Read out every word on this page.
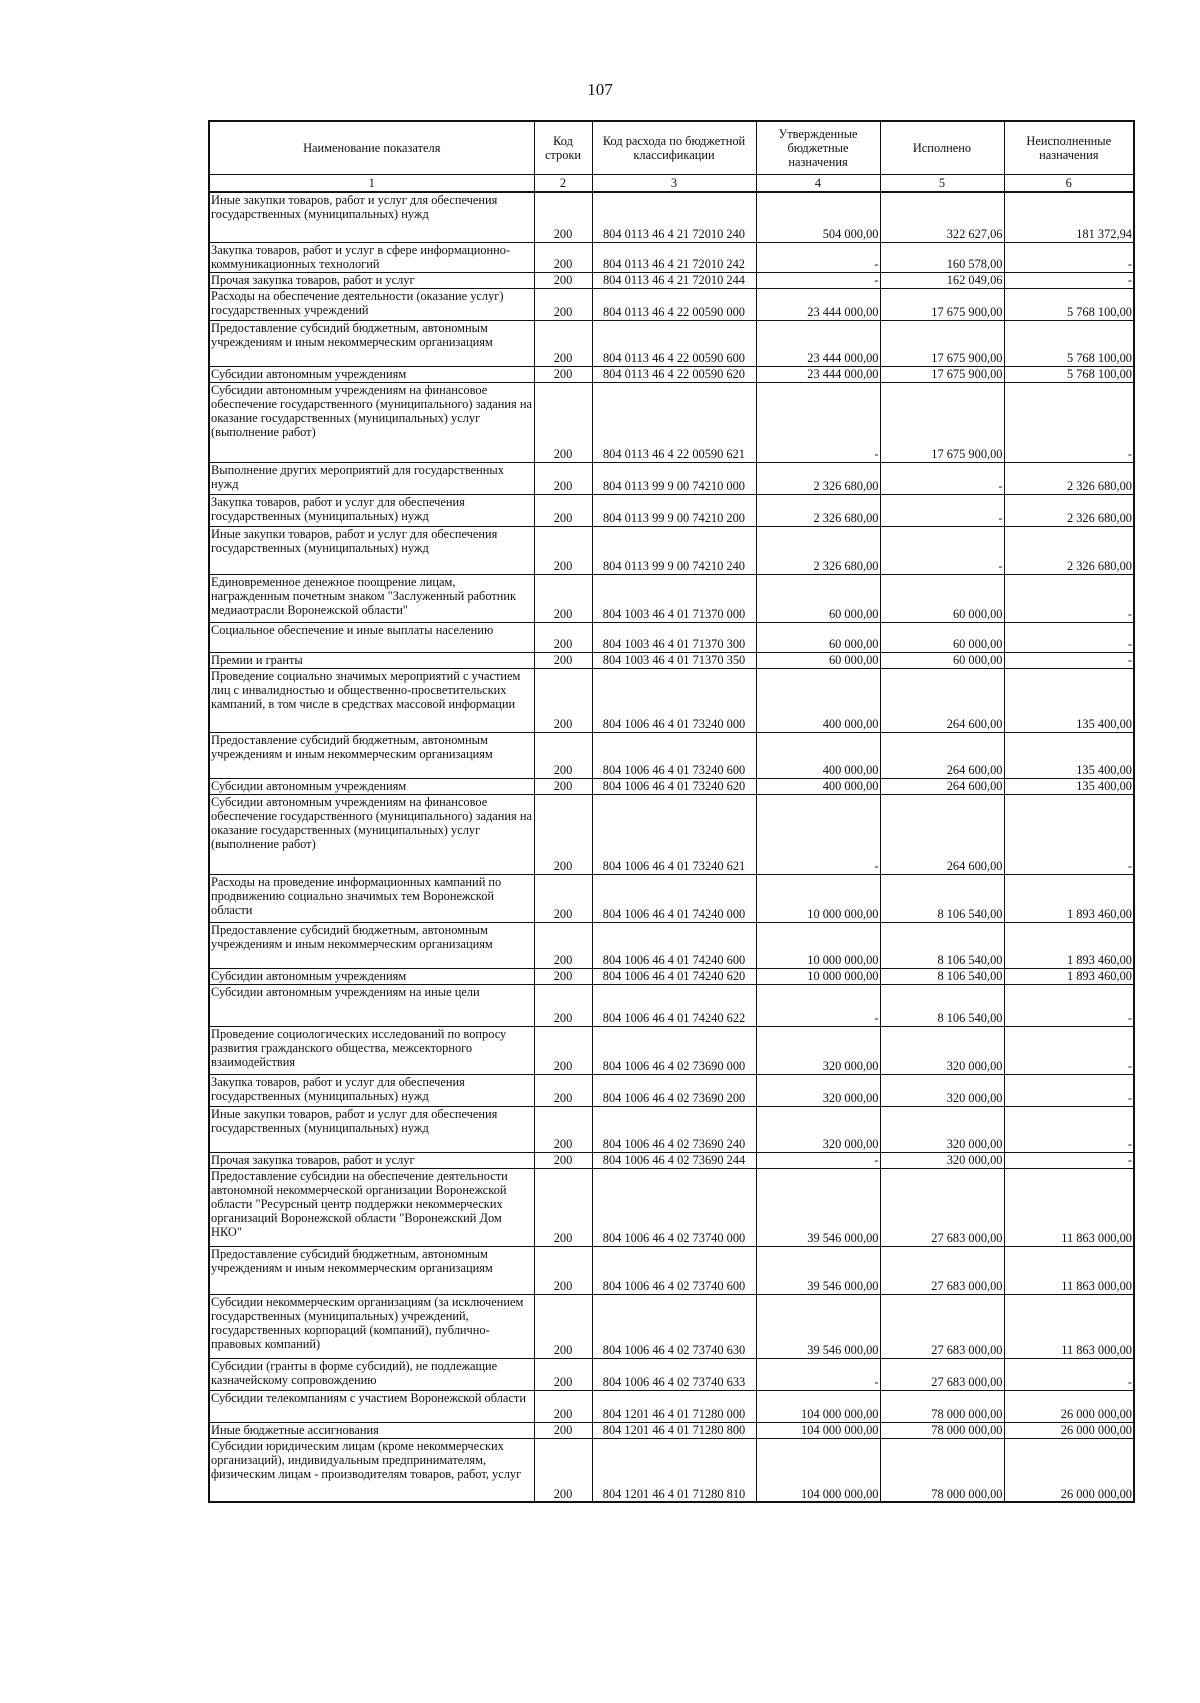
107
Наименование показателя	Код строки	Код расхода по бюджетной классификации	Утвержденные бюджетные назначения	Исполнено	Неисполненные назначения
1	2	3	4	5	6
Иные закупки товаров, работ и услуг для обеспечения государственных (муниципальных) нужд	200	804 0113 46 4 21 72010 240	504 000,00	322 627,06	181 372,94
Закупка товаров, работ и услуг в сфере информационно-коммуникационных технологий	200	804 0113 46 4 21 72010 242	-	160 578,00	-
Прочая закупка товаров, работ и услуг	200	804 0113 46 4 21 72010 244	-	162 049,06	-
Расходы на обеспечение деятельности (оказание услуг) государственных учреждений	200	804 0113 46 4 22 00590 000	23 444 000,00	17 675 900,00	5 768 100,00
Предоставление субсидий бюджетным, автономным учреждениям и иным некоммерческим организациям	200	804 0113 46 4 22 00590 600	23 444 000,00	17 675 900,00	5 768 100,00
Субсидии автономным учреждениям	200	804 0113 46 4 22 00590 620	23 444 000,00	17 675 900,00	5 768 100,00
Субсидии автономным учреждениям на финансовое обеспечение государственного (муниципального) задания на оказание государственных (муниципальных) услуг (выполнение работ)	200	804 0113 46 4 22 00590 621	-	17 675 900,00	-
Выполнение других мероприятий для государственных нужд	200	804 0113 99 9 00 74210 000	2 326 680,00	-	2 326 680,00
Закупка товаров, работ и услуг для обеспечения государственных (муниципальных) нужд	200	804 0113 99 9 00 74210 200	2 326 680,00	-	2 326 680,00
Иные закупки товаров, работ и услуг для обеспечения государственных (муниципальных) нужд	200	804 0113 99 9 00 74210 240	2 326 680,00	-	2 326 680,00
Единовременное денежное поощрение лицам, награжденным почетным знаком "Заслуженный работник медиаотрасли Воронежской области"	200	804 1003 46 4 01 71370 000	60 000,00	60 000,00	-
Социальное обеспечение и иные выплаты населению	200	804 1003 46 4 01 71370 300	60 000,00	60 000,00	-
Премии и гранты	200	804 1003 46 4 01 71370 350	60 000,00	60 000,00	-
Проведение социально значимых мероприятий с участием лиц с инвалидностью и общественно-просветительских кампаний, в том числе в средствах массовой информации	200	804 1006 46 4 01 73240 000	400 000,00	264 600,00	135 400,00
Предоставление субсидий бюджетным, автономным учреждениям и иным некоммерческим организациям	200	804 1006 46 4 01 73240 600	400 000,00	264 600,00	135 400,00
Субсидии автономным учреждениям	200	804 1006 46 4 01 73240 620	400 000,00	264 600,00	135 400,00
Субсидии автономным учреждениям на финансовое обеспечение государственного (муниципального) задания на оказание государственных (муниципальных) услуг (выполнение работ)	200	804 1006 46 4 01 73240 621	-	264 600,00	-
Расходы на проведение информационных кампаний по продвижению социально значимых тем Воронежской области	200	804 1006 46 4 01 74240 000	10 000 000,00	8 106 540,00	1 893 460,00
Предоставление субсидий бюджетным, автономным учреждениям и иным некоммерческим организациям	200	804 1006 46 4 01 74240 600	10 000 000,00	8 106 540,00	1 893 460,00
Субсидии автономным учреждениям	200	804 1006 46 4 01 74240 620	10 000 000,00	8 106 540,00	1 893 460,00
Субсидии автономным учреждениям на иные цели	200	804 1006 46 4 01 74240 622	-	8 106 540,00	-
Проведение социологических исследований по вопросу развития гражданского общества, межсекторного взаимодействия	200	804 1006 46 4 02 73690 000	320 000,00	320 000,00	-
Закупка товаров, работ и услуг для обеспечения государственных (муниципальных) нужд	200	804 1006 46 4 02 73690 200	320 000,00	320 000,00	-
Иные закупки товаров, работ и услуг для обеспечения государственных (муниципальных) нужд	200	804 1006 46 4 02 73690 240	320 000,00	320 000,00	-
Прочая закупка товаров, работ и услуг	200	804 1006 46 4 02 73690 244	-	320 000,00	-
Предоставление субсидии на обеспечение деятельности автономной некоммерческой организации Воронежской области "Ресурсный центр поддержки некоммерческих организаций Воронежской области "Воронежский Дом НКО"	200	804 1006 46 4 02 73740 000	39 546 000,00	27 683 000,00	11 863 000,00
Предоставление субсидий бюджетным, автономным учреждениям и иным некоммерческим организациям	200	804 1006 46 4 02 73740 600	39 546 000,00	27 683 000,00	11 863 000,00
Субсидии некоммерческим организациям (за исключением государственных (муниципальных) учреждений, государственных корпораций (компаний), публично-правовых компаний)	200	804 1006 46 4 02 73740 630	39 546 000,00	27 683 000,00	11 863 000,00
Субсидии (гранты в форме субсидий), не подлежащие казначейскому сопровождению	200	804 1006 46 4 02 73740 633	-	27 683 000,00	-
Субсидии телекомпаниям с участием Воронежской области	200	804 1201 46 4 01 71280 000	104 000 000,00	78 000 000,00	26 000 000,00
Иные бюджетные ассигнования	200	804 1201 46 4 01 71280 800	104 000 000,00	78 000 000,00	26 000 000,00
Субсидии юридическим лицам (кроме некоммерческих организаций), индивидуальным предпринимателям, физическим лицам - производителям товаров, работ, услуг	200	804 1201 46 4 01 71280 810	104 000 000,00	78 000 000,00	26 000 000,00
